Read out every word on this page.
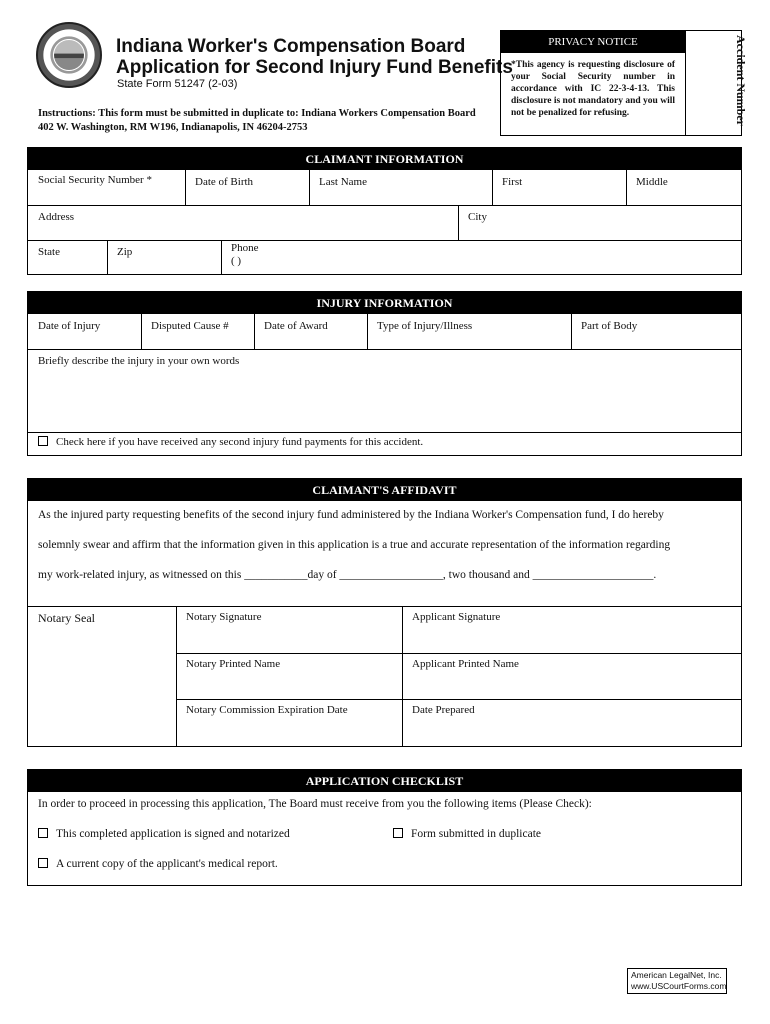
Indiana Worker's Compensation Board
Application for Second Injury Fund Benefits
State Form 51247 (2-03)
Instructions: This form must be submitted in duplicate to: Indiana Workers Compensation Board
402 W. Washington, RM W196, Indianapolis, IN 46204-2753
PRIVACY NOTICE
*This agency is requesting disclosure of your Social Security number in accordance with IC 22-3-4-13. This disclosure is not mandatory and you will not be penalized for refusing.	Accident Number
CLAIMANT INFORMATION
Social Security Number *	Date of Birth	Last Name	First	Middle
Address	City
State	Zip	Phone
( )
INJURY INFORMATION
Date of Injury	Disputed Cause #	Date of Award	Type of Injury/Illness	Part of Body
Briefly describe the injury in your own words
Check here if you have received any second injury fund payments for this accident.
CLAIMANT'S AFFIDAVIT
As the injured party requesting benefits of the second injury fund administered by the Indiana Worker's Compensation fund, I do hereby
solemnly swear and affirm that the information given in this application is a true and accurate representation of the information regarding
my work-related injury, as witnessed on this ___________day of __________________, two thousand and _____________________.
Notary Seal	Notary Signature	Applicant Signature
Notary Printed Name	Applicant Printed Name
Notary Commission Expiration Date	Date Prepared
APPLICATION CHECKLIST
In order to proceed in processing this application, The Board must receive from you the following items (Please Check):
This completed application is signed and notarized	Form submitted in duplicate
A current copy of the applicant's medical report.
American LegalNet, Inc.
www.USCourtForms.com
